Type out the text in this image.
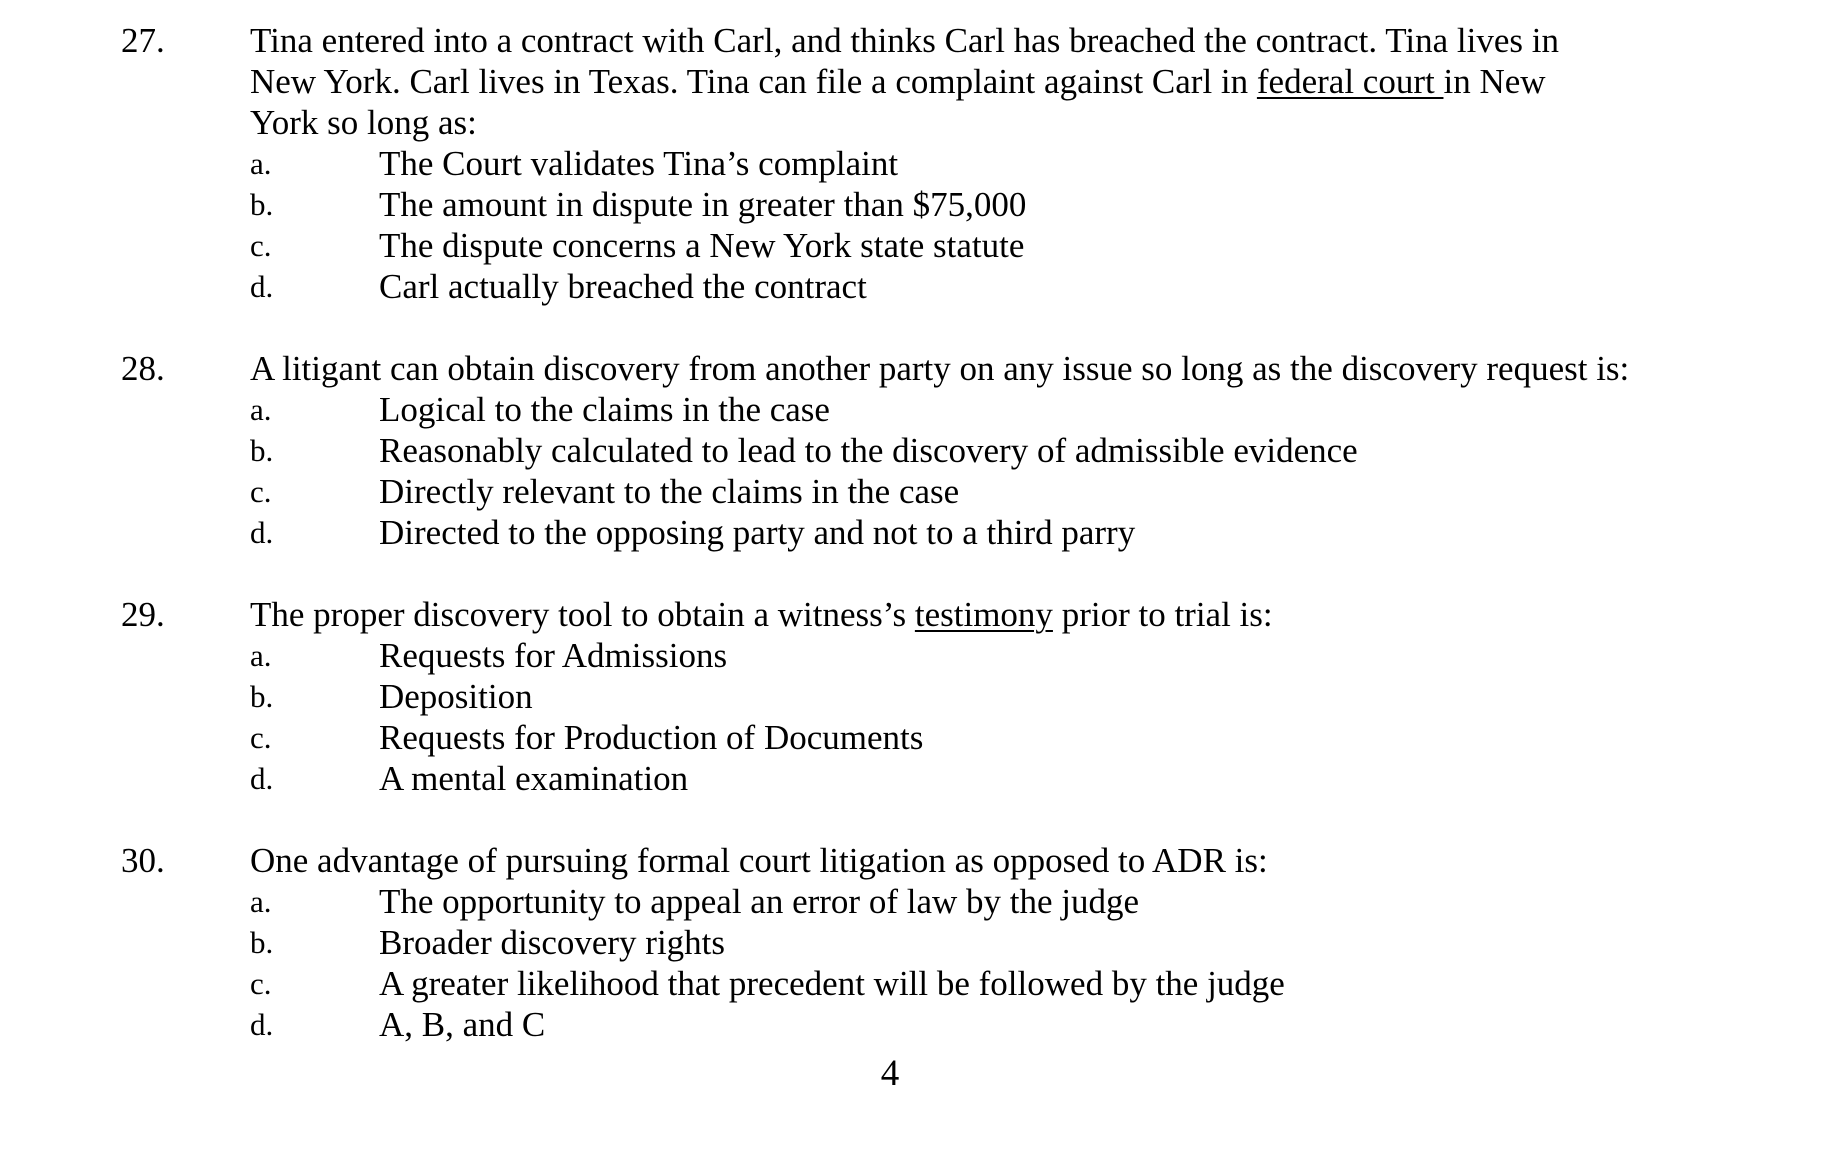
27. Tina entered into a contract with Carl, and thinks Carl has breached the contract. Tina lives in
New York. Carl lives in Texas. Tina can file a complaint against Carl in federal court in New
York so long as:
a.	The Court validates Tina’s complaint
b.	The amount in dispute in greater than $75,000
c.	The dispute concerns a New York state statute
d.	Carl actually breached the contract
28. A litigant can obtain discovery from another party on any issue so long as the discovery request is:
a.	Logical to the claims in the case
b.	Reasonably calculated to lead to the discovery of admissible evidence
c.	Directly relevant to the claims in the case
d.	Directed to the opposing party and not to a third parry
29. The proper discovery tool to obtain a witness’s testimony prior to trial is:
a.	Requests for Admissions
b.	Deposition
c.	Requests for Production of Documents
d.	A mental examination
30. One advantage of pursuing formal court litigation as opposed to ADR is:
a.	The opportunity to appeal an error of law by the judge
b.	Broader discovery rights
c.	A greater likelihood that precedent will be followed by the judge
d.	A, B, and C
4
